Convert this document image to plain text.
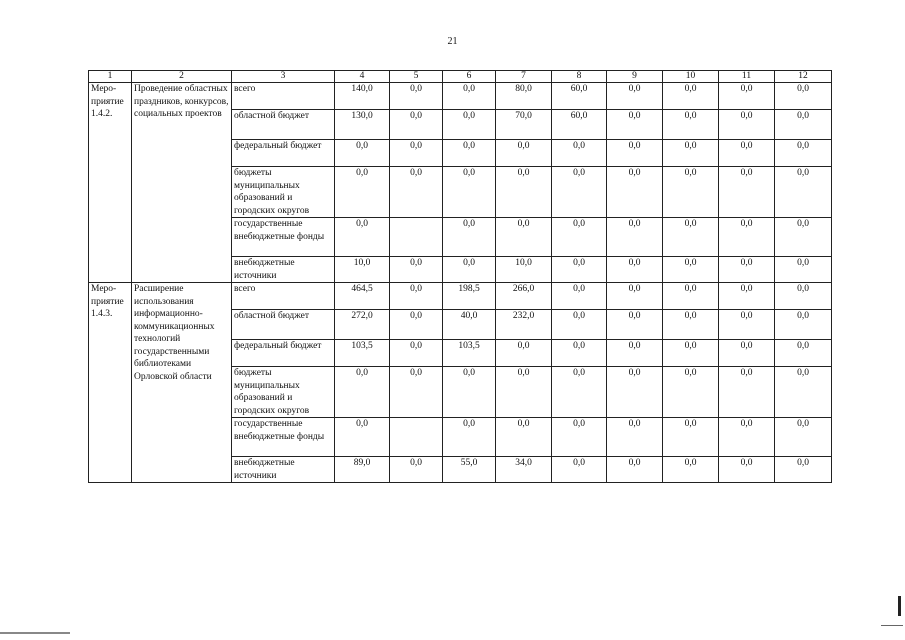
21
1	2	3	4	5	6	7	8	9	10	11	12
Меро-приятие 1.4.2.	Проведение областных праздников, конкурсов, социальных проектов	всего	140,0	0,0	0,0	80,0	60,0	0,0	0,0	0,0	0,0
		областной бюджет	130,0	0,0	0,0	70,0	60,0	0,0	0,0	0,0	0,0
		федеральный бюджет	0,0	0,0	0,0	0,0	0,0	0,0	0,0	0,0	0,0
		бюджеты муниципальных образований и городских округов	0,0	0,0	0,0	0,0	0,0	0,0	0,0	0,0	0,0
		государственные внебюджетные фонды	0,0		0,0	0,0	0,0	0,0	0,0	0,0	0,0
		внебюджетные источники	10,0	0,0	0,0	10,0	0,0	0,0	0,0	0,0	0,0
Меро-приятие 1.4.3.	Расширение использования информационно-коммуникационных технологий государственными библиотеками Орловской области	всего	464,5	0,0	198,5	266,0	0,0	0,0	0,0	0,0	0,0
		областной бюджет	272,0	0,0	40,0	232,0	0,0	0,0	0,0	0,0	0,0
		федеральный бюджет	103,5	0,0	103,5	0,0	0,0	0,0	0,0	0,0	0,0
		бюджеты муниципальных образований и городских округов	0,0	0,0	0,0	0,0	0,0	0,0	0,0	0,0	0,0
		государственные внебюджетные фонды	0,0		0,0	0,0	0,0	0,0	0,0	0,0	0,0
		внебюджетные источники	89,0	0,0	55,0	34,0	0,0	0,0	0,0	0,0	0,0
